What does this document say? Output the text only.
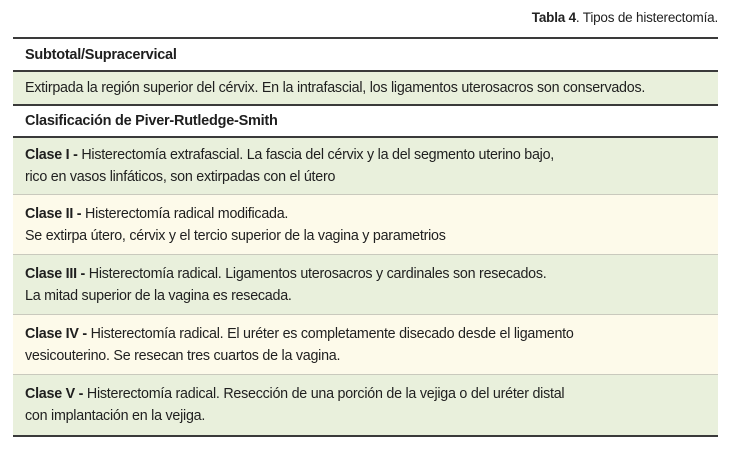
Tabla 4. Tipos de histerectomía.
Subtotal/Supracervical
Extirpada la región superior del cérvix. En la intrafascial, los ligamentos uterosacros son conservados.
Clasificación de Piver-Rutledge-Smith
Clase I - Histerectomía extrafascial. La fascia del cérvix y la del segmento uterino bajo,
rico en vasos linfáticos, son extirpadas con el útero
Clase II - Histerectomía radical modificada.
Se extirpa útero, cérvix y el tercio superior de la vagina y parametrios
Clase III - Histerectomía radical. Ligamentos uterosacros y cardinales son resecados.
La mitad superior de la vagina es resecada.
Clase IV - Histerectomía radical. El uréter es completamente disecado desde el ligamento
vesicouterino. Se resecan tres cuartos de la vagina.
Clase V - Histerectomía radical. Resección de una porción de la vejiga o del uréter distal
con implantación en la vejiga.
